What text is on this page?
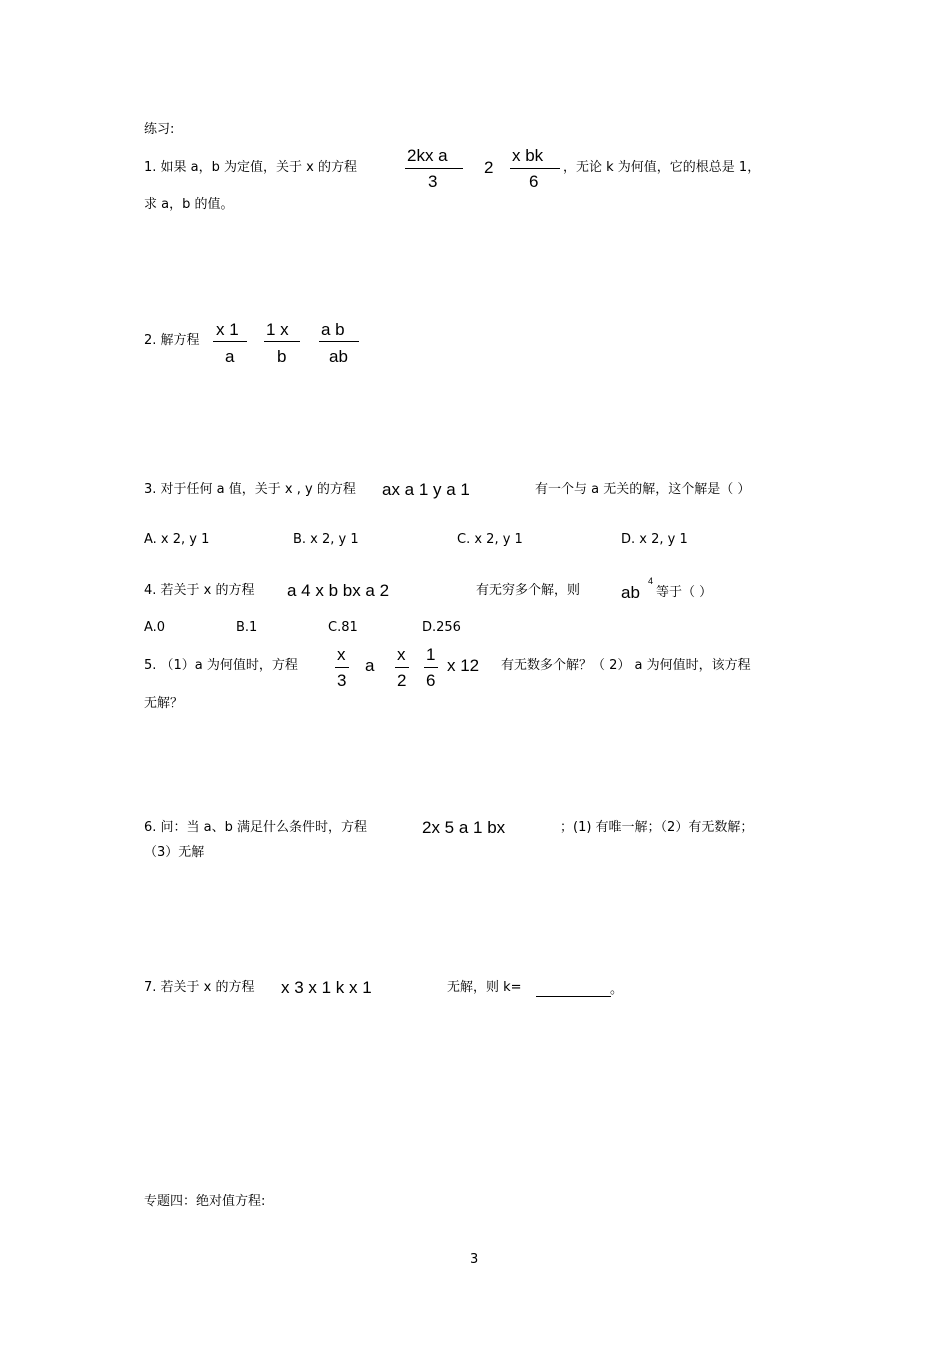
练习:
1. 如果 a，b 为定值，关于 x 的方程
2kx a
3
2
x bk
6
，无论 k 为何值，它的根总是 1，
求 a，b 的值。
2. 解方程
x 1
a
1 x
b
a b
ab
3. 对于任何 a 值，关于 x , y 的方程 ax a 1 y a 1	有一个与 a 无关的解，这个解是（ ）
A. x 2, y 1	B. x 2, y 1	C. x 2, y 1	D. x 2, y 1
4. 若关于 x 的方程 a 4 x b bx a 2	有无穷多个解，则 ab
4
等于（ ）
A.0	B.1	C.81	D.256
5. （1）a 为何值时，方程
x
3
a
x
2
1
6
x 12 有无数多个解？（ 2） a 为何值时，该方程
无解？
6. 问：当 a、b 满足什么条件时，方程	2x 5 a 1 bx	；(1) 有唯一解；（2）有无数解；
（3）无解
7. 若关于 x 的方程 x 3 x 1 k x 1	无解，则 k=	。
专题四：绝对值方程:
3
